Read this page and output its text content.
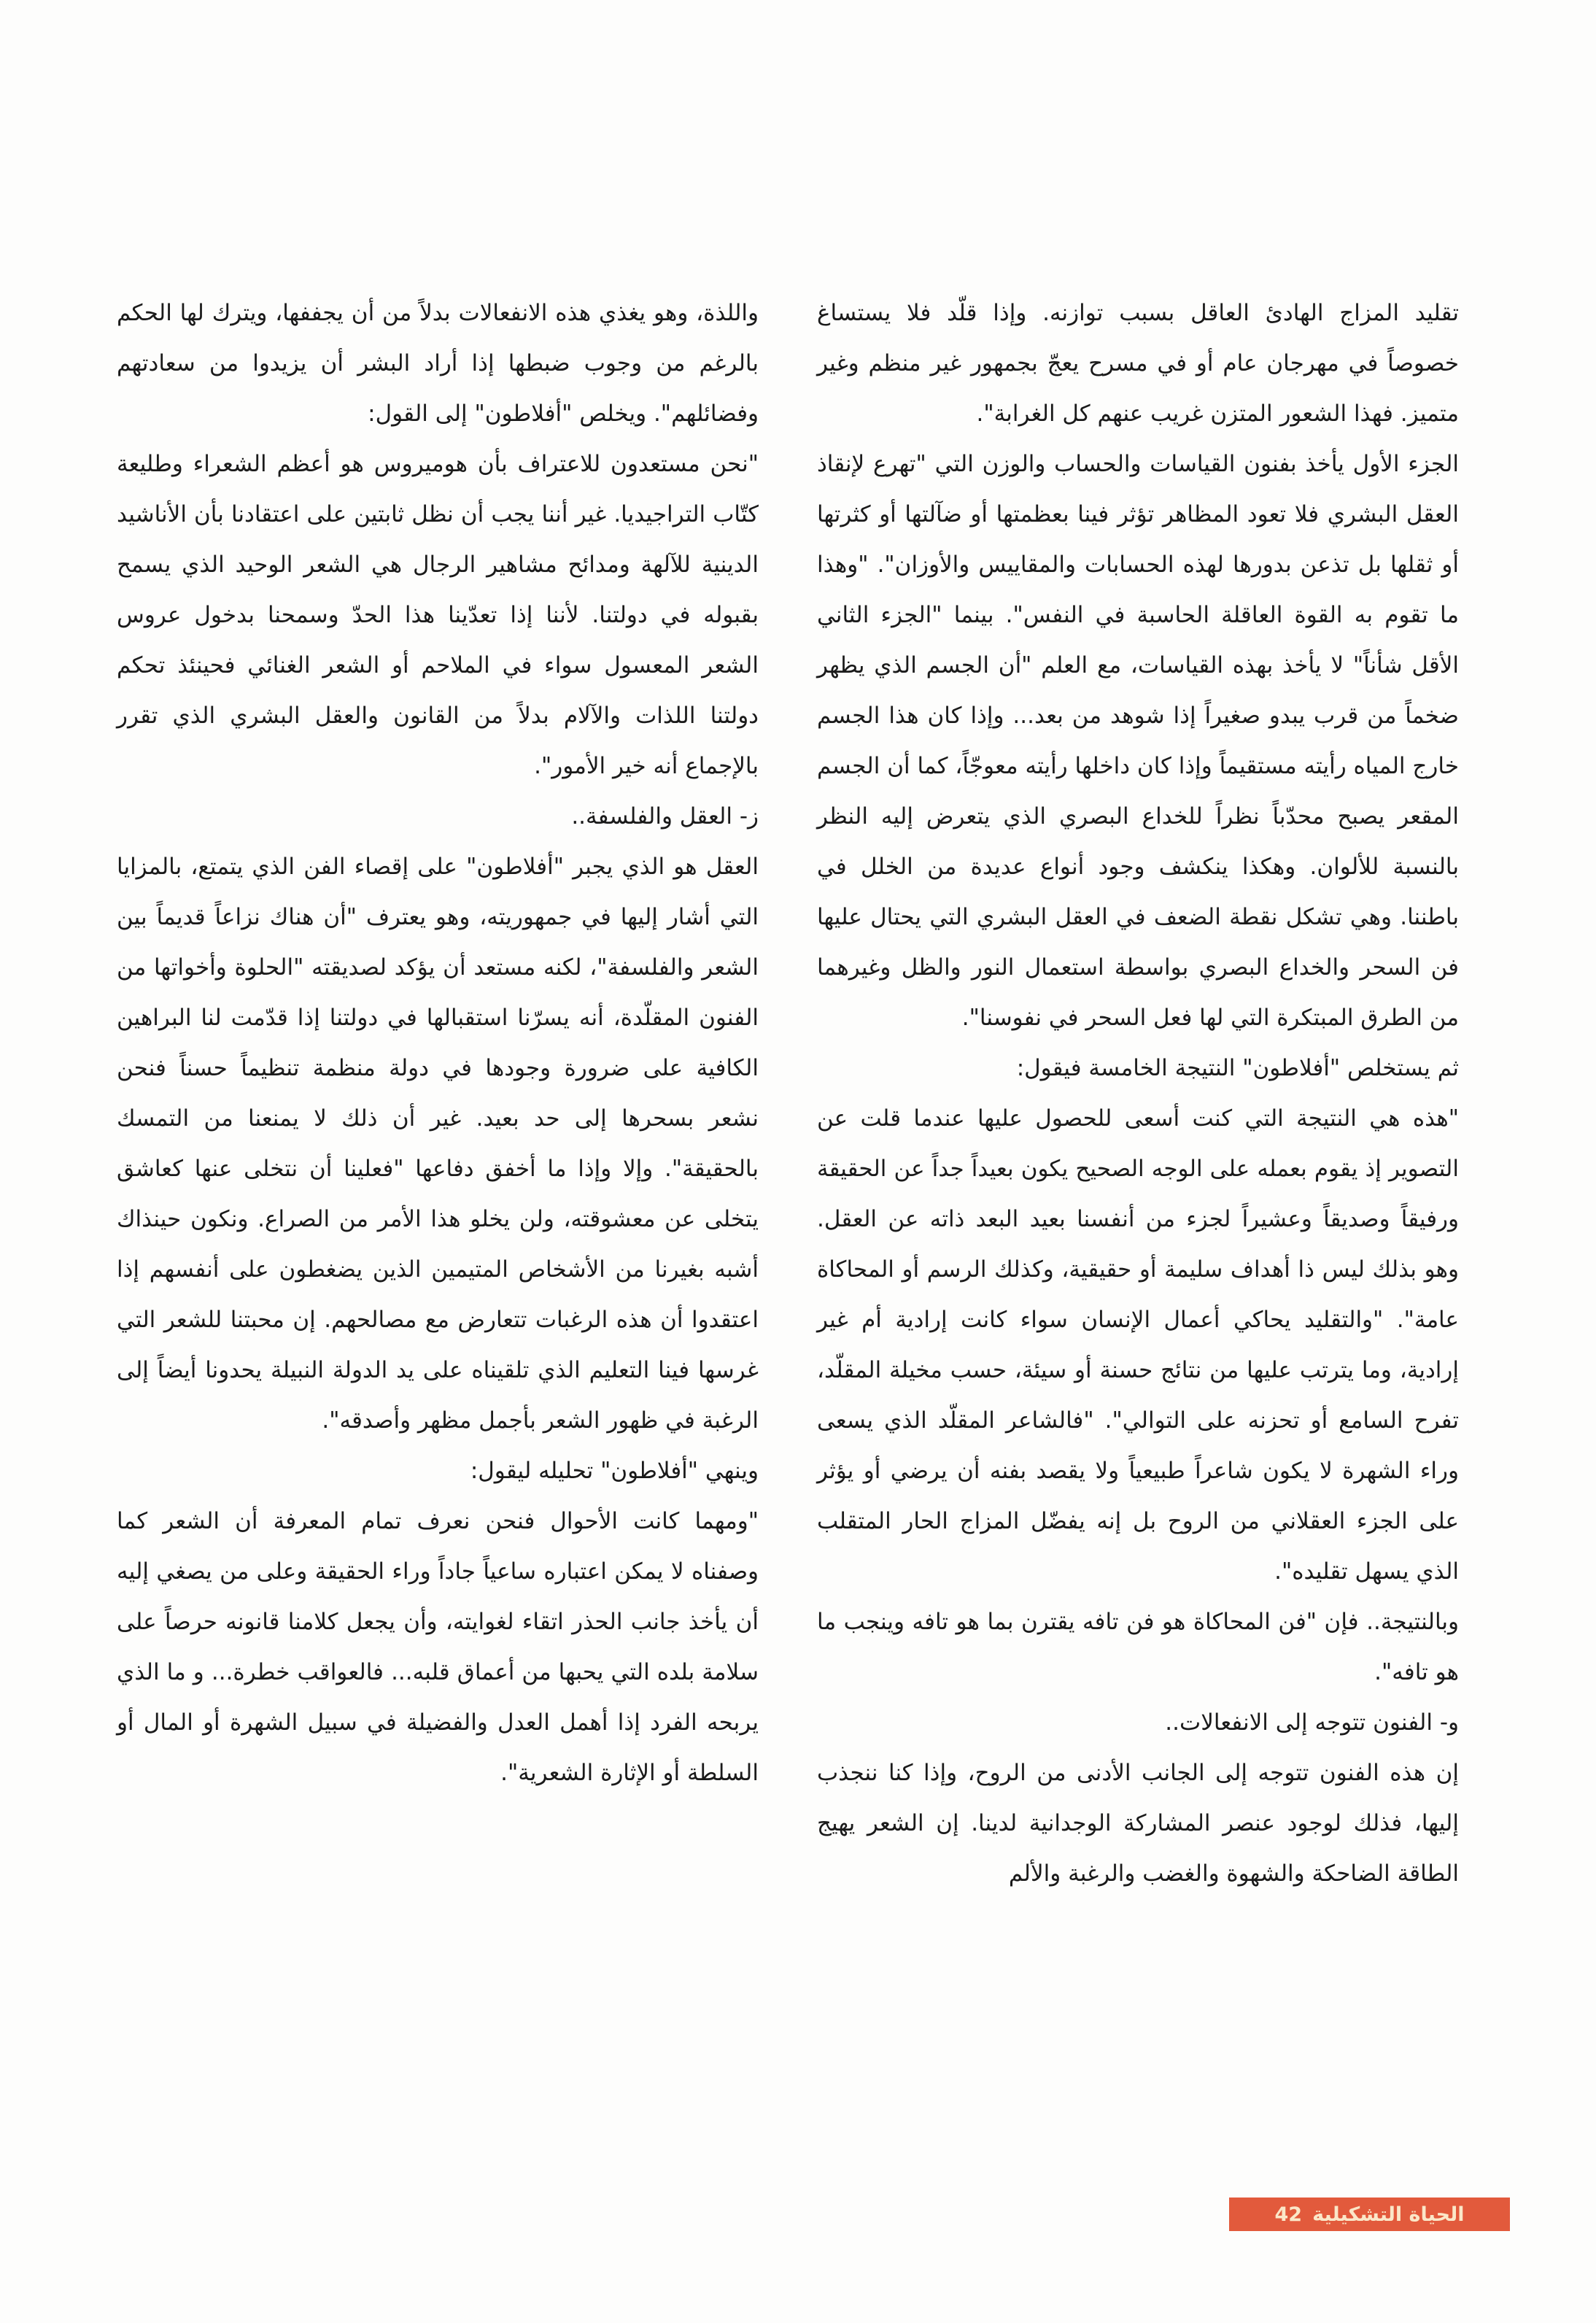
تقليد المزاج الهادئ العاقل بسبب توازنه. وإذا قلّد فلا يستساغ خصوصاً في مهرجان عام أو في مسرح يعجّ بجمهور غير منظم وغير متميز. فهذا الشعور المتزن غريب عنهم كل الغرابة".

الجزء الأول يأخذ بفنون القياسات والحساب والوزن التي "تهرع لإنقاذ العقل البشري فلا تعود المظاهر تؤثر فينا بعظمتها أو ضآلتها أو كثرتها أو ثقلها بل تذعن بدورها لهذه الحسابات والمقاييس والأوزان". "وهذا ما تقوم به القوة العاقلة الحاسبة في النفس". بينما "الجزء الثاني الأقل شأناً" لا يأخذ بهذه القياسات، مع العلم "أن الجسم الذي يظهر ضخماً من قرب يبدو صغيراً إذا شوهد من بعد... وإذا كان هذا الجسم خارج المياه رأيته مستقيماً وإذا كان داخلها رأيته معوجّاً، كما أن الجسم المقعر يصبح محدّباً نظراً للخداع البصري الذي يتعرض إليه النظر بالنسبة للألوان. وهكذا ينكشف وجود أنواع عديدة من الخلل في باطننا. وهي تشكل نقطة الضعف في العقل البشري التي يحتال عليها فن السحر والخداع البصري بواسطة استعمال النور والظل وغيرهما من الطرق المبتكرة التي لها فعل السحر في نفوسنا".

ثم يستخلص "أفلاطون" النتيجة الخامسة فيقول:

"هذه هي النتيجة التي كنت أسعى للحصول عليها عندما قلت عن التصوير إذ يقوم بعمله على الوجه الصحيح يكون بعيداً جداً عن الحقيقة ورفيقاً وصديقاً وعشيراً لجزء من أنفسنا بعيد البعد ذاته عن العقل. وهو بذلك ليس ذا أهداف سليمة أو حقيقية، وكذلك الرسم أو المحاكاة عامة". "والتقليد يحاكي أعمال الإنسان سواء كانت إرادية أم غير إرادية، وما يترتب عليها من نتائج حسنة أو سيئة، حسب مخيلة المقلّد، تفرح السامع أو تحزنه على التوالي". "فالشاعر المقلّد الذي يسعى وراء الشهرة لا يكون شاعراً طبيعياً ولا يقصد بفنه أن يرضي أو يؤثر على الجزء العقلاني من الروح بل إنه يفضّل المزاج الحار المتقلب الذي يسهل تقليده".

وبالنتيجة.. فإن "فن المحاكاة هو فن تافه يقترن بما هو تافه وينجب ما هو تافه".

و- الفنون تتوجه إلى الانفعالات..

إن هذه الفنون تتوجه إلى الجانب الأدنى من الروح، وإذا كنا ننجذب إليها، فذلك لوجود عنصر المشاركة الوجدانية لدينا. إن الشعر يهيج الطاقة الضاحكة والشهوة والغضب والرغبة والألم

واللذة، وهو يغذي هذه الانفعالات بدلاً من أن يجففها، ويترك لها الحكم بالرغم من وجوب ضبطها إذا أراد البشر أن يزيدوا من سعادتهم وفضائلهم". ويخلص "أفلاطون" إلى القول:

"نحن مستعدون للاعتراف بأن هوميروس هو أعظم الشعراء وطليعة كتّاب التراجيديا. غير أننا يجب أن نظل ثابتين على اعتقادنا بأن الأناشيد الدينية للآلهة ومدائح مشاهير الرجال هي الشعر الوحيد الذي يسمح بقبوله في دولتنا. لأننا إذا تعدّينا هذا الحدّ وسمحنا بدخول عروس الشعر المعسول سواء في الملاحم أو الشعر الغنائي فحينئذ تحكم دولتنا اللذات والآلام بدلاً من القانون والعقل البشري الذي تقرر بالإجماع أنه خير الأمور".

ز- العقل والفلسفة..

العقل هو الذي يجبر "أفلاطون" على إقصاء الفن الذي يتمتع، بالمزايا التي أشار إليها في جمهوريته، وهو يعترف "أن هناك نزاعاً قديماً بين الشعر والفلسفة"، لكنه مستعد أن يؤكد لصديقته "الحلوة وأخواتها من الفنون المقلّدة، أنه يسرّنا استقبالها في دولتنا إذا قدّمت لنا البراهين الكافية على ضرورة وجودها في دولة منظمة تنظيماً حسناً فنحن نشعر بسحرها إلى حد بعيد. غير أن ذلك لا يمنعنا من التمسك بالحقيقة". وإلا وإذا ما أخفق دفاعها "فعلينا أن نتخلى عنها كعاشق يتخلى عن معشوقته، ولن يخلو هذا الأمر من الصراع. ونكون حينذاك أشبه بغيرنا من الأشخاص المتيمين الذين يضغطون على أنفسهم إذا اعتقدوا أن هذه الرغبات تتعارض مع مصالحهم. إن محبتنا للشعر التي غرسها فينا التعليم الذي تلقيناه على يد الدولة النبيلة يحدونا أيضاً إلى الرغبة في ظهور الشعر بأجمل مظهر وأصدقه".

وينهي "أفلاطون" تحليله ليقول:

"ومهما كانت الأحوال فنحن نعرف تمام المعرفة أن الشعر كما وصفناه لا يمكن اعتباره ساعياً جاداً وراء الحقيقة وعلى من يصغي إليه أن يأخذ جانب الحذر اتقاء لغوايته، وأن يجعل كلامنا قانونه حرصاً على سلامة بلده التي يحبها من أعماق قلبه... فالعواقب خطرة... و ما الذي يربحه الفرد إذا أهمل العدل والفضيلة في سبيل الشهرة أو المال أو السلطة أو الإثارة الشعرية".

الحياة التشكيلية
42
